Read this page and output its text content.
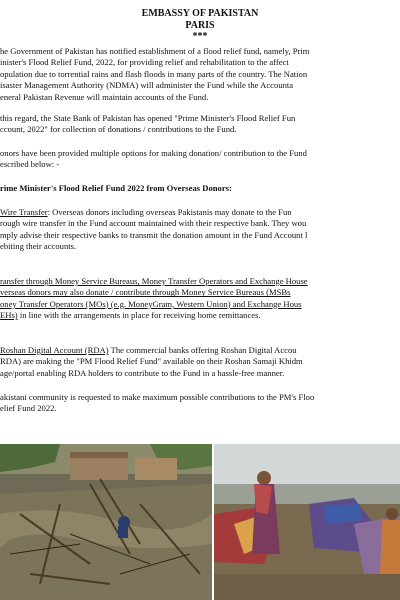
EMBASSY OF PAKISTAN
PARIS
***
he Government of Pakistan has notified establishment of a flood relief fund, namely, Prim
inister's Flood Relief Fund, 2022, for providing relief and rehabilitation to the affect
opulation due to torrential rains and flash floods in many parts of the country. The Nation
isaster Management Authority (NDMA) will administer the Fund while the Accounta
eneral Pakistan Revenue will maintain accounts of the Fund.
this regard, the State Bank of Pakistan has opened "Prime Minister's Flood Relief Fun
ccount, 2022" for collection of donations / contributions to the Fund.
onors have been provided multiple options for making donation/ contribution to the Fund
escribed below: -
rime Minister's Flood Relief Fund 2022 from Overseas Donors:
Wire Transfer: Overseas donors including overseas Pakistanis may donate to the Fun
rough wire transfer in the Fund account maintained with their respective bank. They wou
mply advise their respective banks to transmit the donation amount in the Fund Account l
ebiting their accounts.
ransfer through Money Service Bureaus, Money Transfer Operators and Exchange House
verseas donors may also donate / contribute through Money Service Bureaus (MSBs
oney Transfer Operators (MOs) (e.g. MoneyGram, Western Union) and Exchange Hous
EHs) in line with the arrangements in place for receiving home remittances.
Roshan Digital Account (RDA) The commercial banks offering Roshan Digital Accou
RDA) are making the "PM Flood Relief Fund" available on their Roshan Samaji Khidm
age/portal enabling RDA holders to contribute to the Fund in a hassle-free manner.
akistani community is requested to make maximum possible contributions to the PM's Floo
elief Fund 2022.
